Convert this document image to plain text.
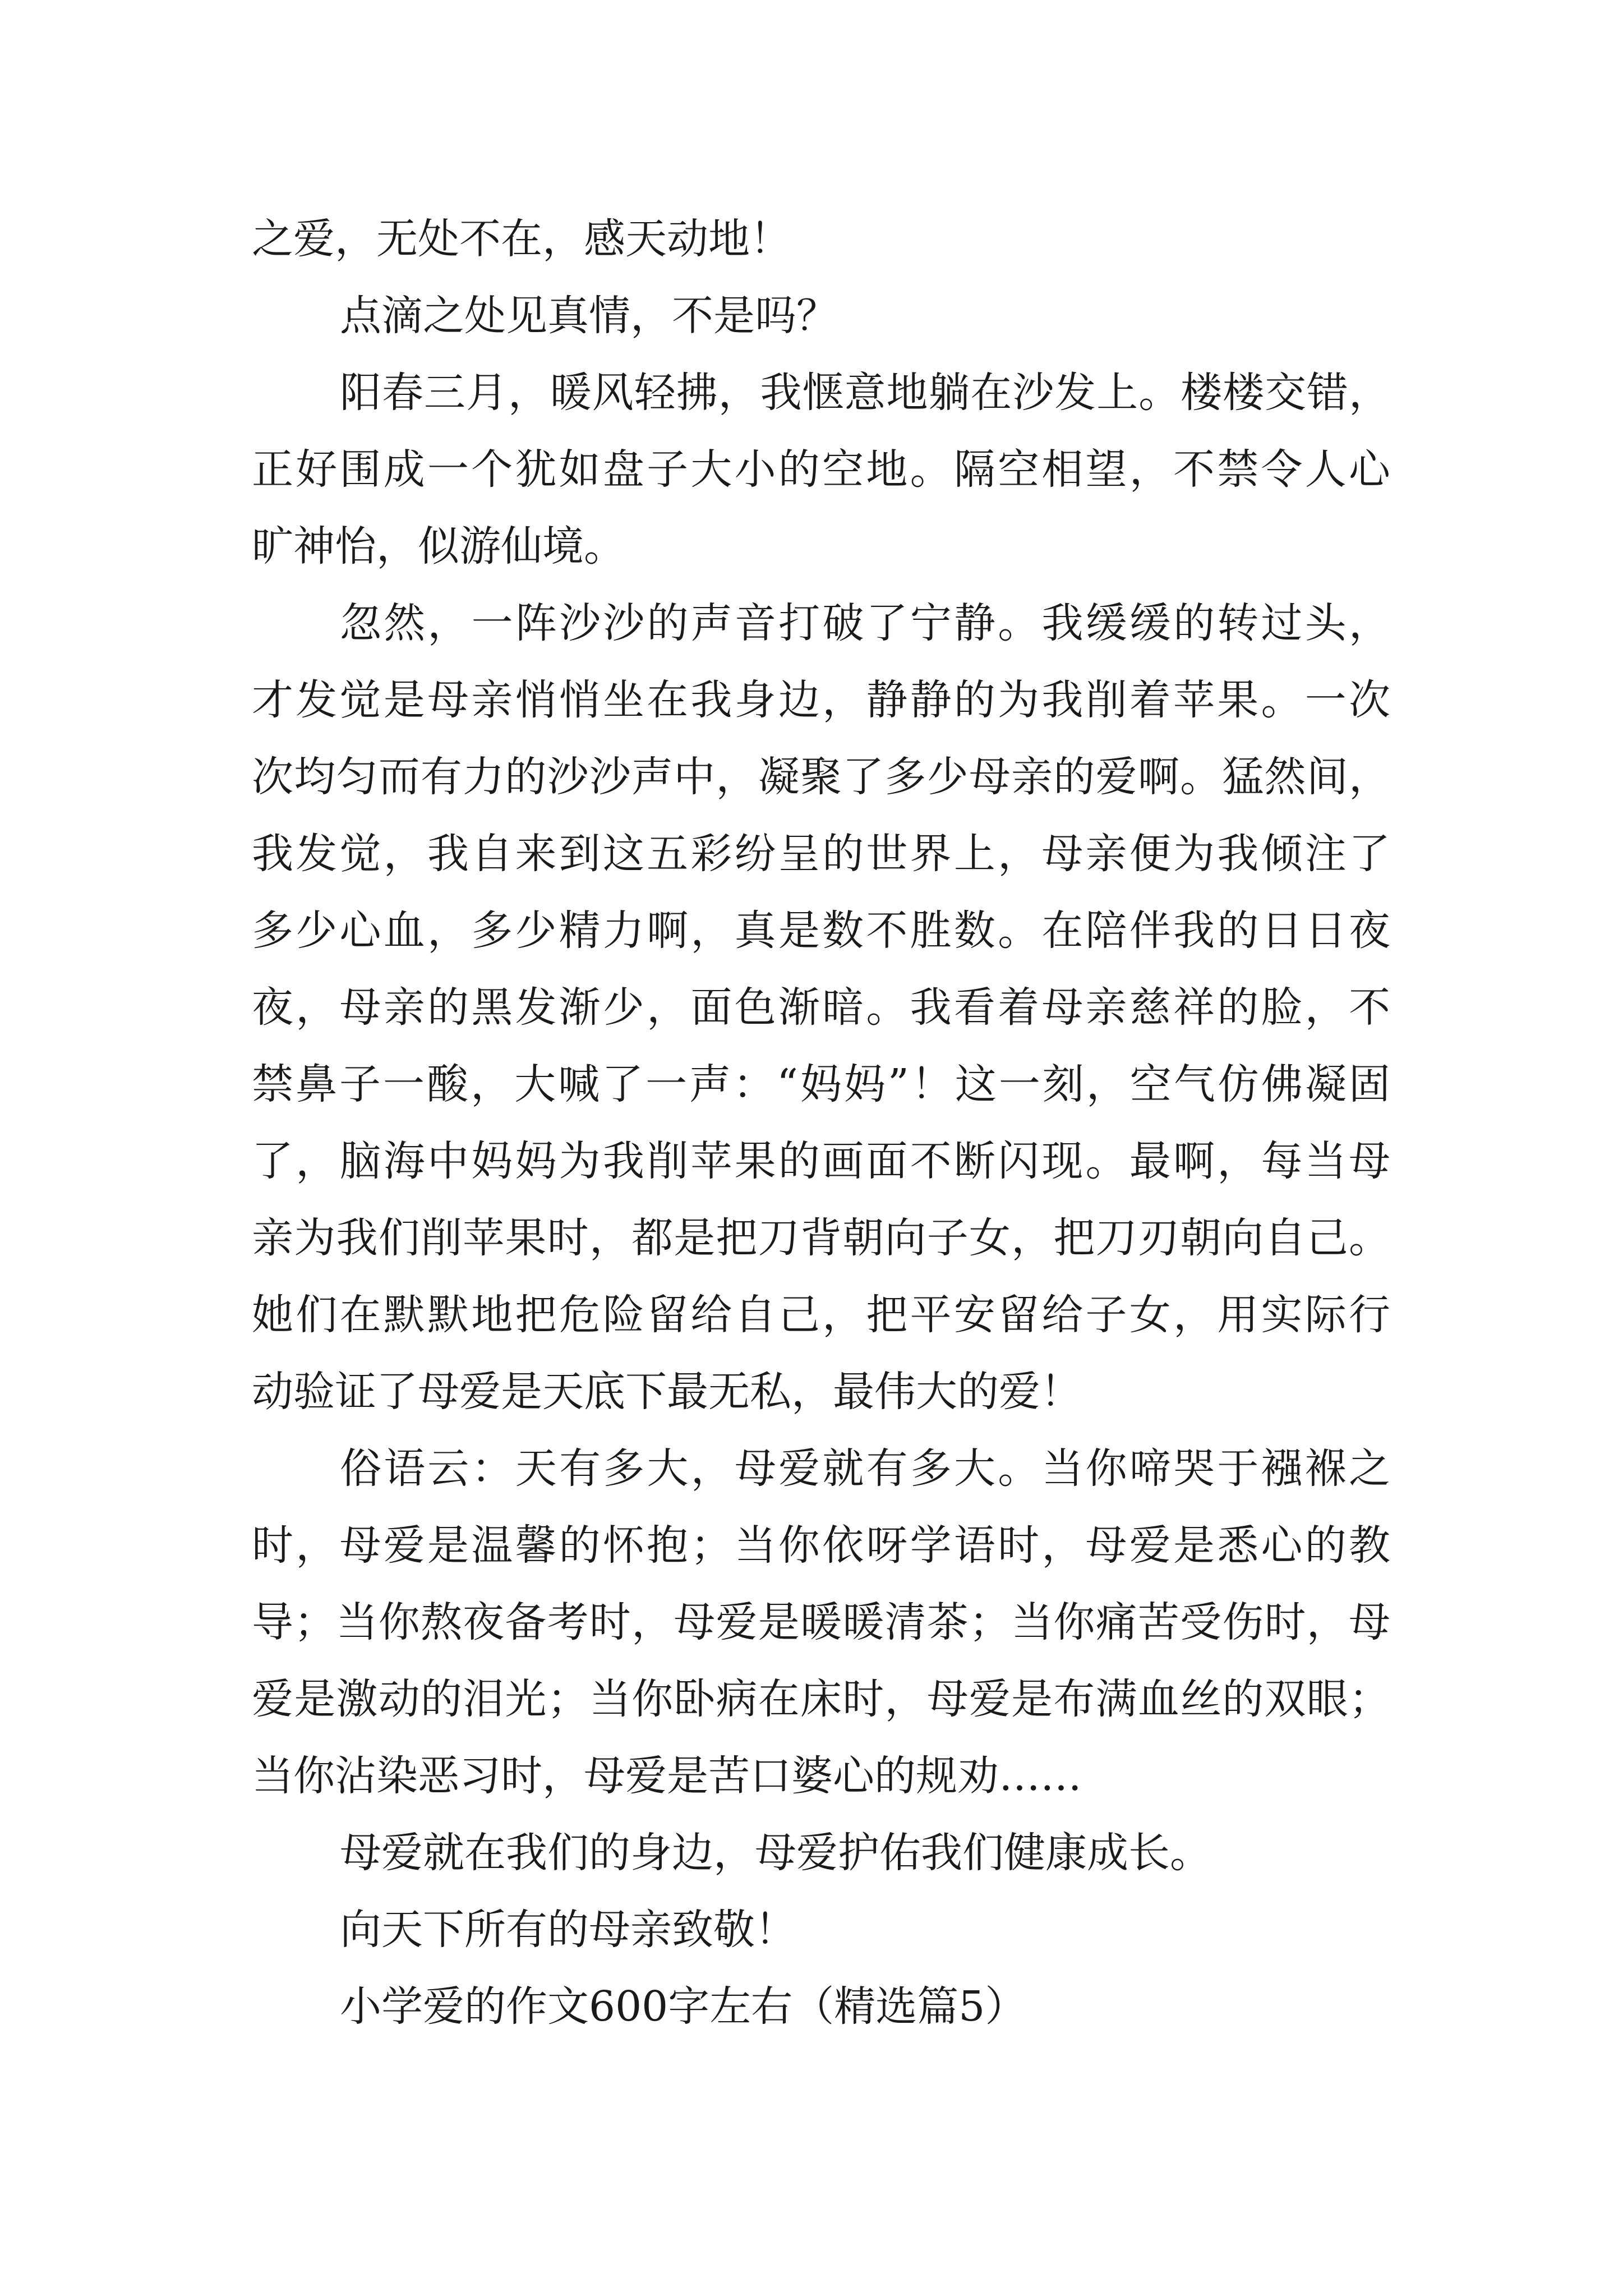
之爱，无处不在，感天动地！
点滴之处见真情，不是吗？
阳春三月，暖风轻拂，我惬意地躺在沙发上。楼楼交错，
正好围成一个犹如盘子大小的空地。隔空相望，不禁令人心
旷神怡，似游仙境。
忽然，一阵沙沙的声音打破了宁静。我缓缓的转过头，
才发觉是母亲悄悄坐在我身边，静静的为我削着苹果。一次
次均匀而有力的沙沙声中，凝聚了多少母亲的爱啊。猛然间，
我发觉，我自来到这五彩纷呈的世界上，母亲便为我倾注了
多少心血，多少精力啊，真是数不胜数。在陪伴我的日日夜
夜，母亲的黑发渐少，面色渐暗。我看着母亲慈祥的脸，不
禁鼻子一酸，大喊了一声：“妈妈”！这一刻，空气仿佛凝固
了，脑海中妈妈为我削苹果的画面不断闪现。最啊，每当母
亲为我们削苹果时，都是把刀背朝向子女，把刀刃朝向自己。
她们在默默地把危险留给自己，把平安留给子女，用实际行
动验证了母爱是天底下最无私，最伟大的爱！
俗语云：天有多大，母爱就有多大。当你啼哭于襁褓之
时，母爱是温馨的怀抱；当你依呀学语时，母爱是悉心的教
导；当你熬夜备考时，母爱是暖暖清茶；当你痛苦受伤时，母
爱是激动的泪光；当你卧病在床时，母爱是布满血丝的双眼；
当你沾染恶习时，母爱是苦口婆心的规劝……
母爱就在我们的身边，母爱护佑我们健康成长。
向天下所有的母亲致敬！
小学爱的作文600字左右（精选篇5）
